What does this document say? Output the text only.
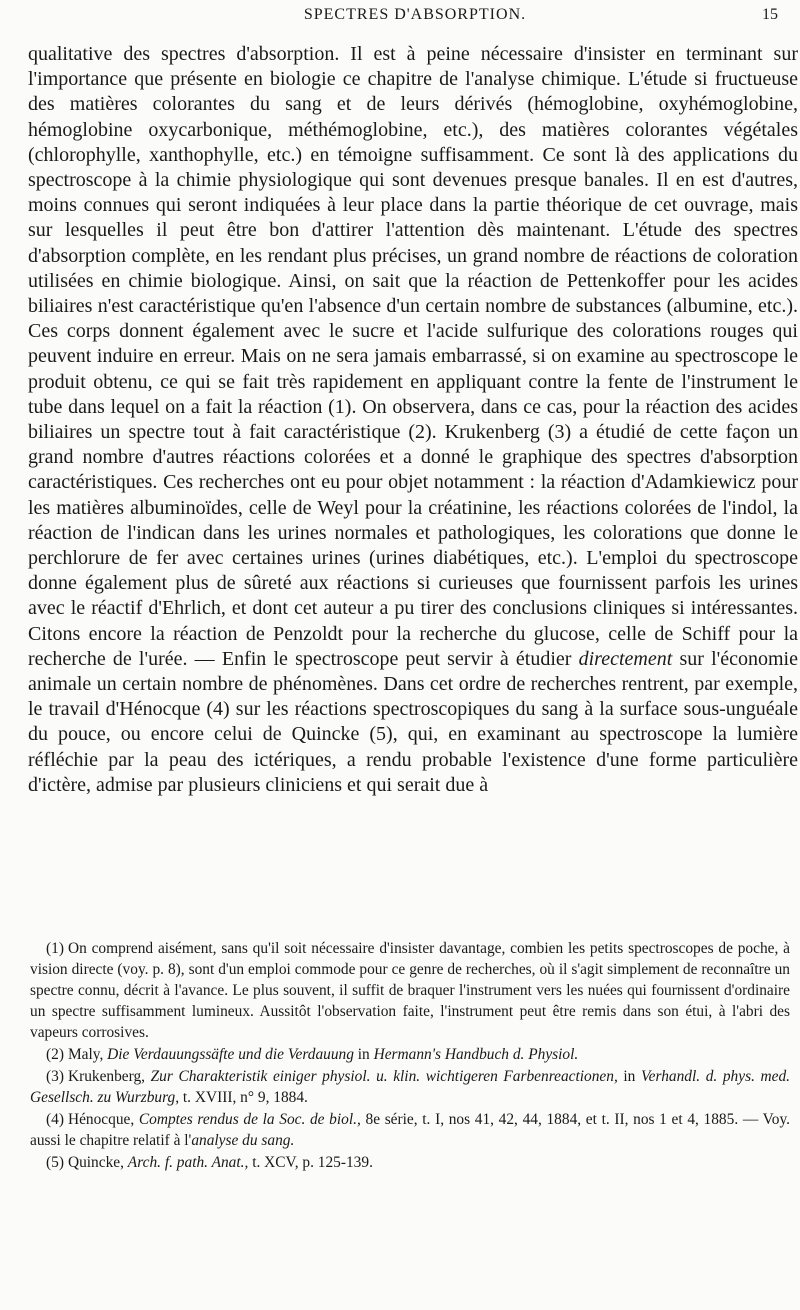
SPECTRES D'ABSORPTION.	15

qualitative des spectres d'absorption. Il est à peine nécessaire d'insister en terminant sur l'importance que présente en biologie ce chapitre de l'analyse chimique. L'étude si fructueuse des matières colorantes du sang et de leurs dérivés (hémoglobine, oxyhémoglobine, hémoglobine oxycarbonique, méthémoglobine, etc.), des matières colorantes végétales (chlorophylle, xanthophylle, etc.) en témoigne suffisamment. Ce sont là des applications du spectroscope à la chimie physiologique qui sont devenues presque banales. Il en est d'autres, moins connues qui seront indiquées à leur place dans la partie théorique de cet ouvrage, mais sur lesquelles il peut être bon d'attirer l'attention dès maintenant. L'étude des spectres d'absorption complète, en les rendant plus précises, un grand nombre de réactions de coloration utilisées en chimie biologique. Ainsi, on sait que la réaction de Pettenkoffer pour les acides biliaires n'est caractéristique qu'en l'absence d'un certain nombre de substances (albumine, etc.). Ces corps donnent également avec le sucre et l'acide sulfurique des colorations rouges qui peuvent induire en erreur. Mais on ne sera jamais embarrassé, si on examine au spectroscope le produit obtenu, ce qui se fait très rapidement en appliquant contre la fente de l'instrument le tube dans lequel on a fait la réaction (1). On observera, dans ce cas, pour la réaction des acides biliaires un spectre tout à fait caractéristique (2). Krukenberg (3) a étudié de cette façon un grand nombre d'autres réactions colorées et a donné le graphique des spectres d'absorption caractéristiques. Ces recherches ont eu pour objet notamment : la réaction d'Adamkiewicz pour les matières albuminoïdes, celle de Weyl pour la créatinine, les réactions colorées de l'indol, la réaction de l'indican dans les urines normales et pathologiques, les colorations que donne le perchlorure de fer avec certaines urines (urines diabétiques, etc.). L'emploi du spectroscope donne également plus de sûreté aux réactions si curieuses que fournissent parfois les urines avec le réactif d'Ehrlich, et dont cet auteur a pu tirer des conclusions cliniques si intéressantes. Citons encore la réaction de Penzoldt pour la recherche du glucose, celle de Schiff pour la recherche de l'urée. — Enfin le spectroscope peut servir à étudier directement sur l'économie animale un certain nombre de phénomènes. Dans cet ordre de recherches rentrent, par exemple, le travail d'Hénocque (4) sur les réactions spectroscopiques du sang à la surface sous-unguéale du pouce, ou encore celui de Quincke (5), qui, en examinant au spectroscope la lumière réfléchie par la peau des ictériques, a rendu probable l'existence d'une forme particulière d'ictère, admise par plusieurs cliniciens et qui serait due à

(1) On comprend aisément, sans qu'il soit nécessaire d'insister davantage, combien les petits spectroscopes de poche, à vision directe (voy. p. 8), sont d'un emploi commode pour ce genre de recherches, où il s'agit simplement de reconnaître un spectre connu, décrit à l'avance. Le plus souvent, il suffit de braquer l'instrument vers les nuées qui fournissent d'ordinaire un spectre suffisamment lumineux. Aussitôt l'observation faite, l'instrument peut être remis dans son étui, à l'abri des vapeurs corrosives.

(2) Maly, Die Verdauungssäfte und die Verdauung in Hermann's Handbuch d. Physiol.

(3) Krukenberg, Zur Charakteristik einiger physiol. u. klin. wichtigeren Farbenreactionen, in Verhandl. d. phys. med. Gesellsch. zu Wurzburg, t. XVIII, n° 9, 1884.

(4) Hénocque, Comptes rendus de la Soc. de biol., 8e série, t. I, nos 41, 42, 44, 1884, et t. II, nos 1 et 4, 1885. — Voy. aussi le chapitre relatif à l'analyse du sang.

(5) Quincke, Arch. f. path. Anat., t. XCV, p. 125-139.
